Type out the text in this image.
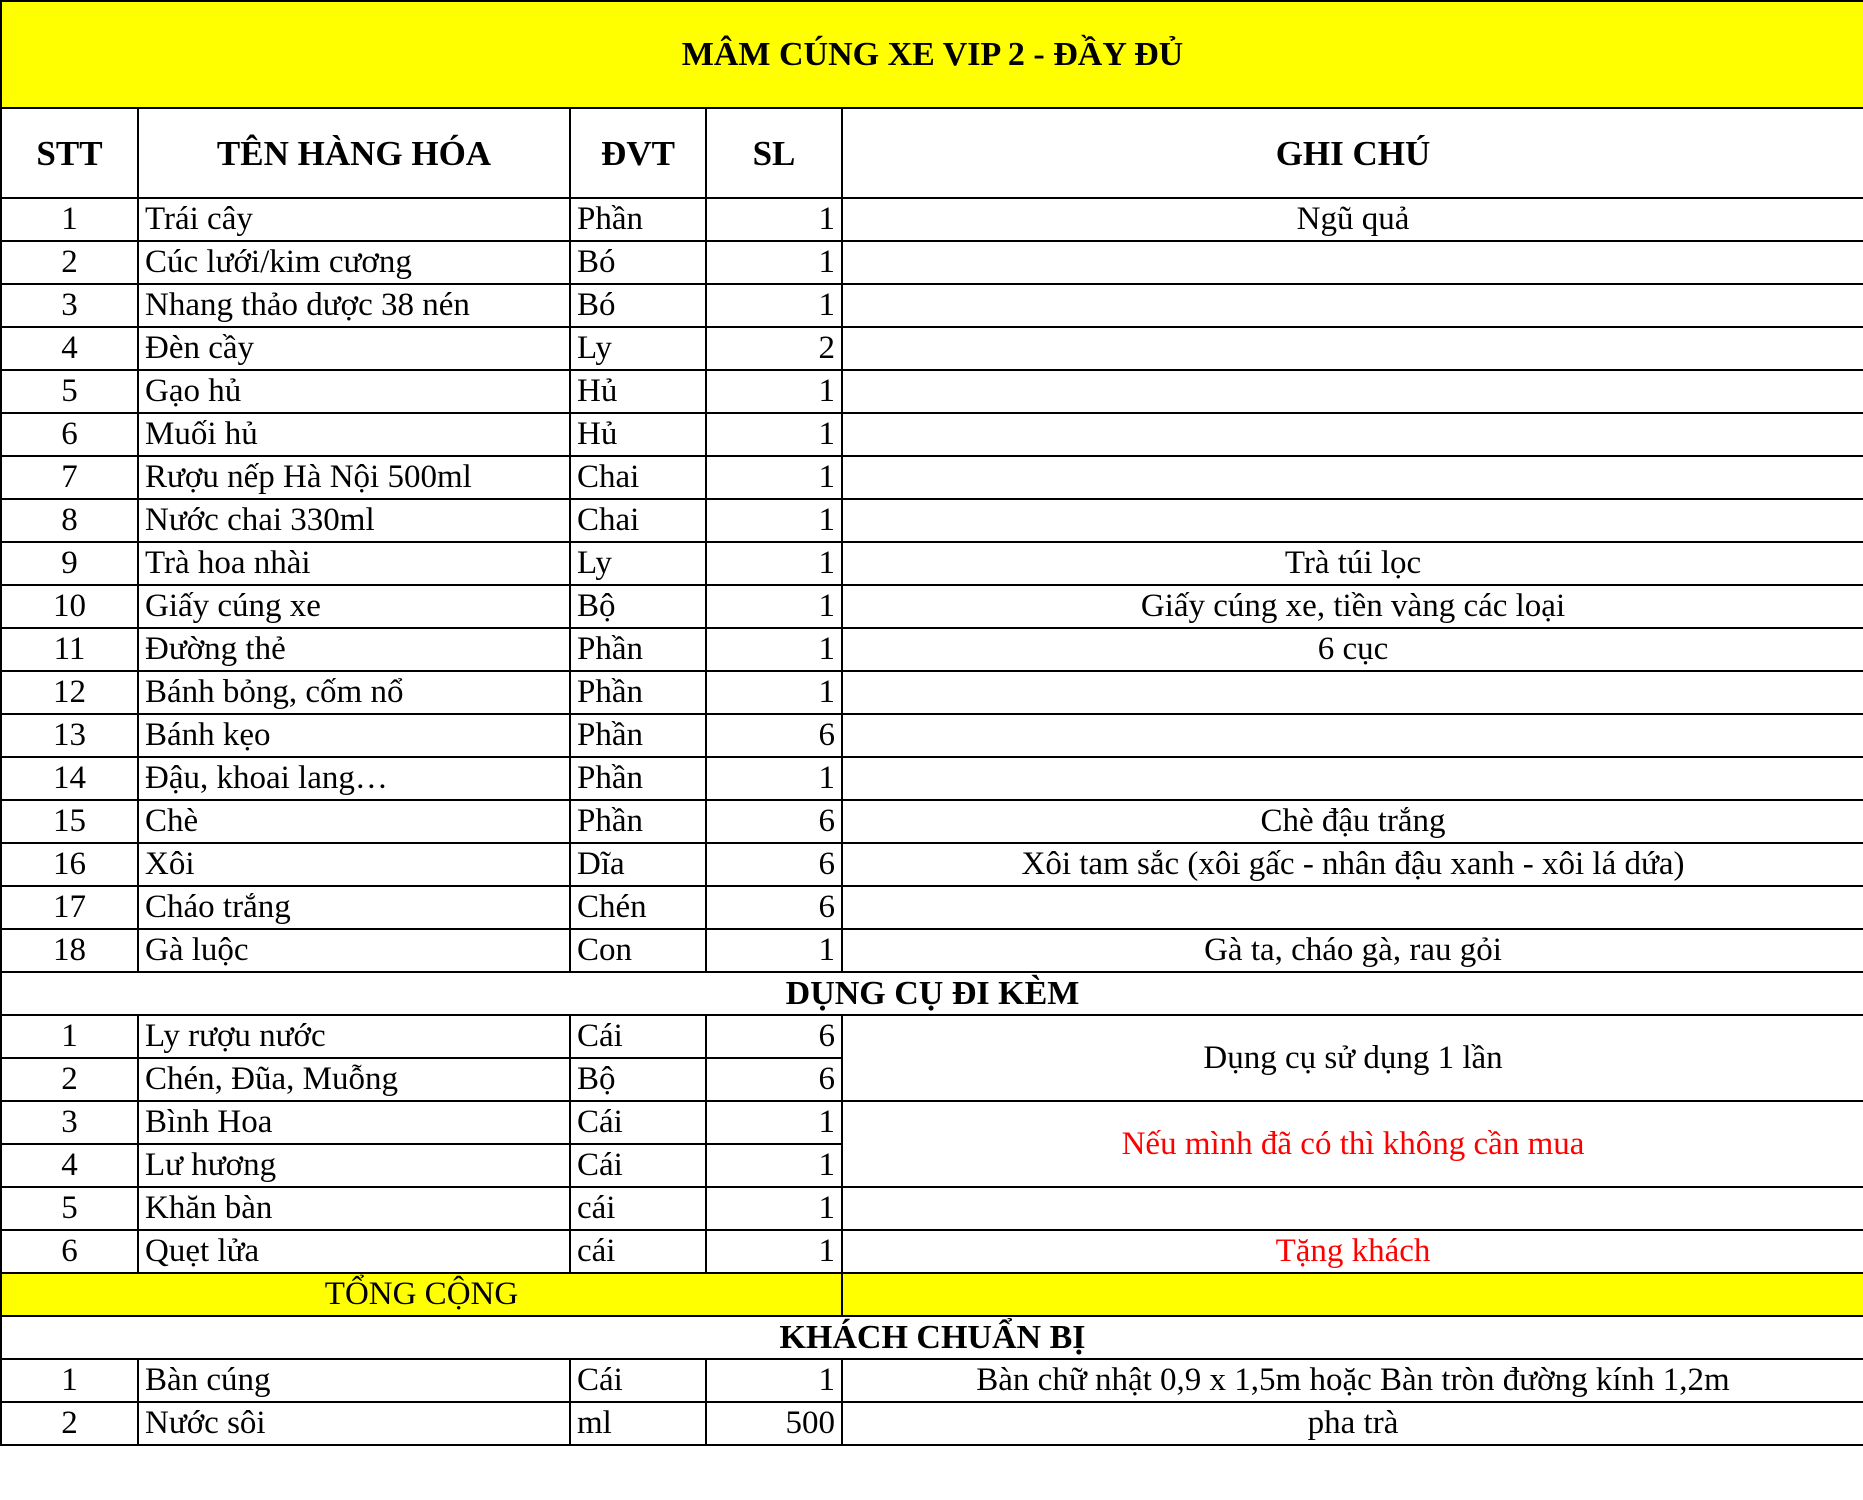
MÂM CÚNG XE VIP 2 - ĐẦY ĐỦ				
STT	TÊN HÀNG HÓA	ĐVT	SL	GHI CHÚ
1	Trái cây	Phần	1	Ngũ quả
2	Cúc lưới/kim cương	Bó	1	
3	Nhang thảo dược 38 nén	Bó	1	
4	Đèn cầy	Ly	2	
5	Gạo hủ	Hủ	1	
6	Muối hủ	Hủ	1	
7	Rượu nếp Hà Nội 500ml	Chai	1	
8	Nước chai 330ml	Chai	1	
9	Trà hoa nhài	Ly	1	Trà túi lọc
10	Giấy cúng xe	Bộ	1	Giấy cúng xe, tiền vàng các loại
11	Đường thẻ	Phần	1	6 cục
12	Bánh bỏng, cốm nổ	Phần	1	
13	Bánh kẹo	Phần	6	
14	Đậu, khoai lang…	Phần	1	
15	Chè	Phần	6	Chè đậu trắng
16	Xôi	Dĩa	6	Xôi tam sắc (xôi gấc - nhân đậu xanh - xôi lá dứa)
17	Cháo trắng	Chén	6	
18	Gà luộc	Con	1	Gà ta, cháo gà, rau gỏi
DỤNG CỤ ĐI KÈM				
1	Ly rượu nước	Cái	6	Dụng cụ sử dụng 1 lần
2	Chén, Đũa, Muỗng	Bộ	6	
3	Bình Hoa	Cái	1	Nếu mình đã có thì không cần mua
4	Lư hương	Cái	1	
5	Khăn bàn	cái	1	
6	Quẹt lửa	cái	1	Tặng khách
TỔNG CỘNG				
KHÁCH CHUẨN BỊ				
1	Bàn cúng	Cái	1	Bàn chữ nhật 0,9 x 1,5m hoặc Bàn tròn đường kính 1,2m
2	Nước sôi	ml	500	pha trà
